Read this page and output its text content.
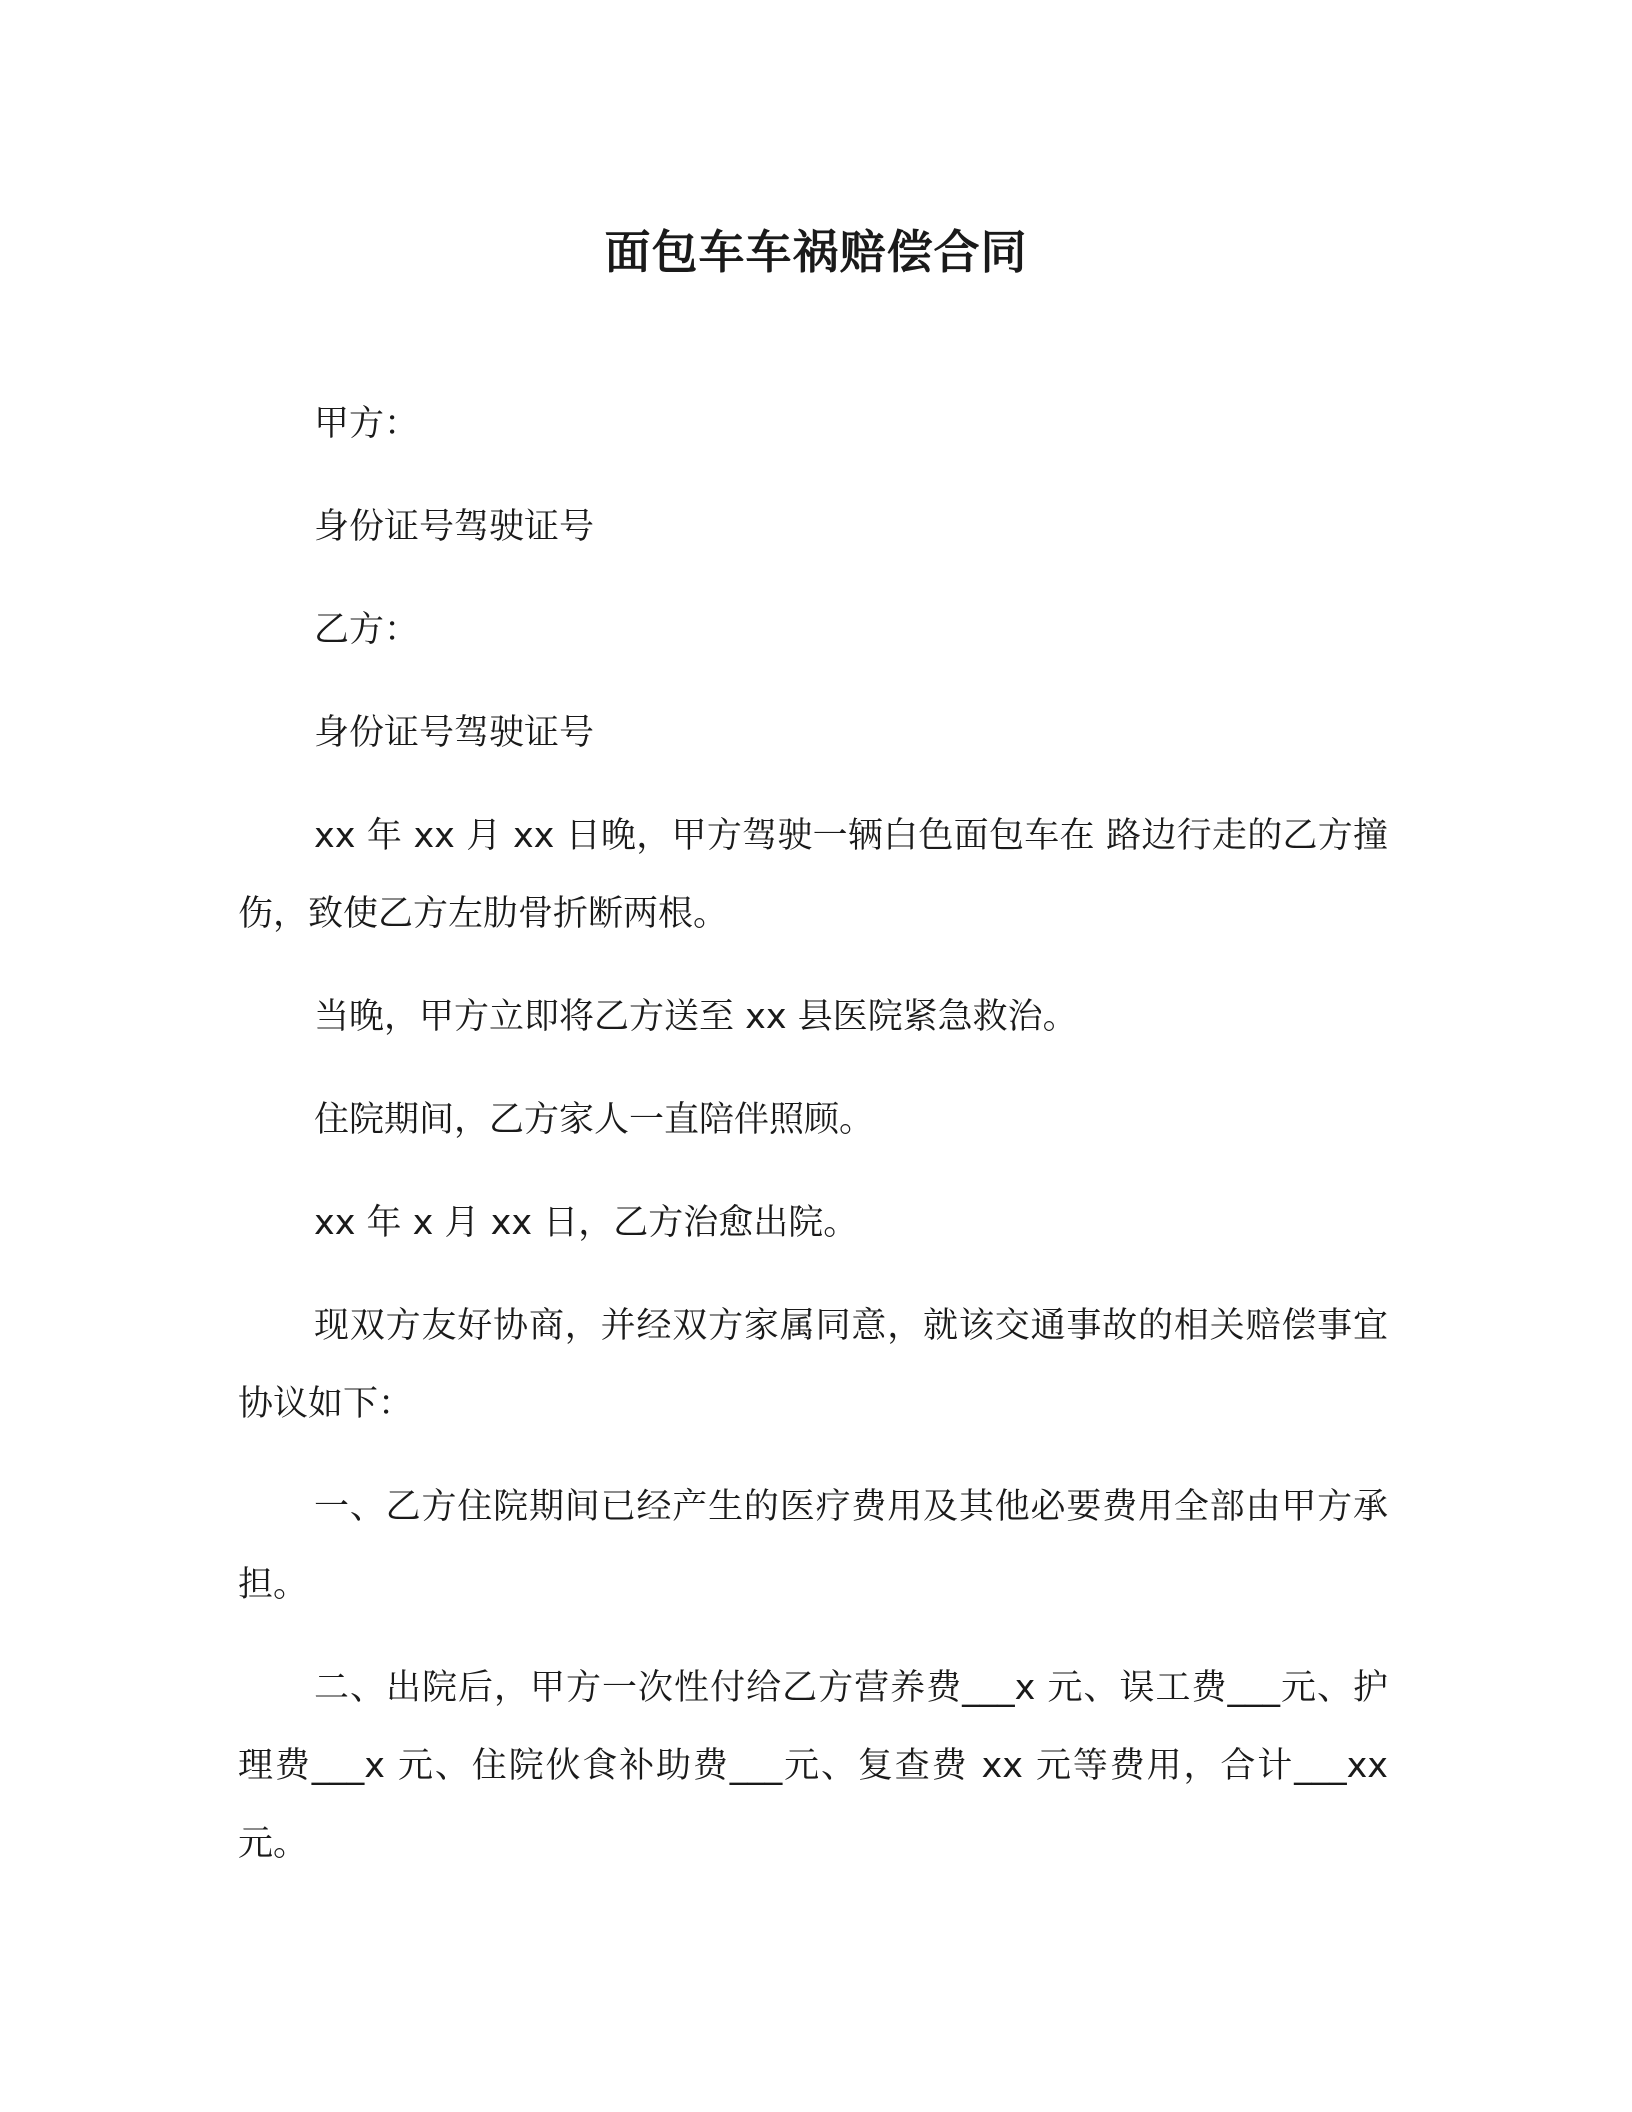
面包车车祸赔偿合同

甲方：

身份证号驾驶证号

乙方：

身份证号驾驶证号

xx 年 xx 月 xx 日晚，甲方驾驶一辆白色面包车在 路边行走的乙方撞伤，致使乙方左肋骨折断两根。

当晚，甲方立即将乙方送至 xx 县医院紧急救治。

住院期间，乙方家人一直陪伴照顾。

xx 年 x 月 xx 日，乙方治愈出院。

现双方友好协商，并经双方家属同意，就该交通事故的相关赔偿事宜协议如下：

一、乙方住院期间已经产生的医疗费用及其他必要费用全部由甲方承担。

二、出院后，甲方一次性付给乙方营养费___x 元、误工费___元、护理费___x 元、住院伙食补助费___元、复查费 xx 元等费用，合计___xx 元。
